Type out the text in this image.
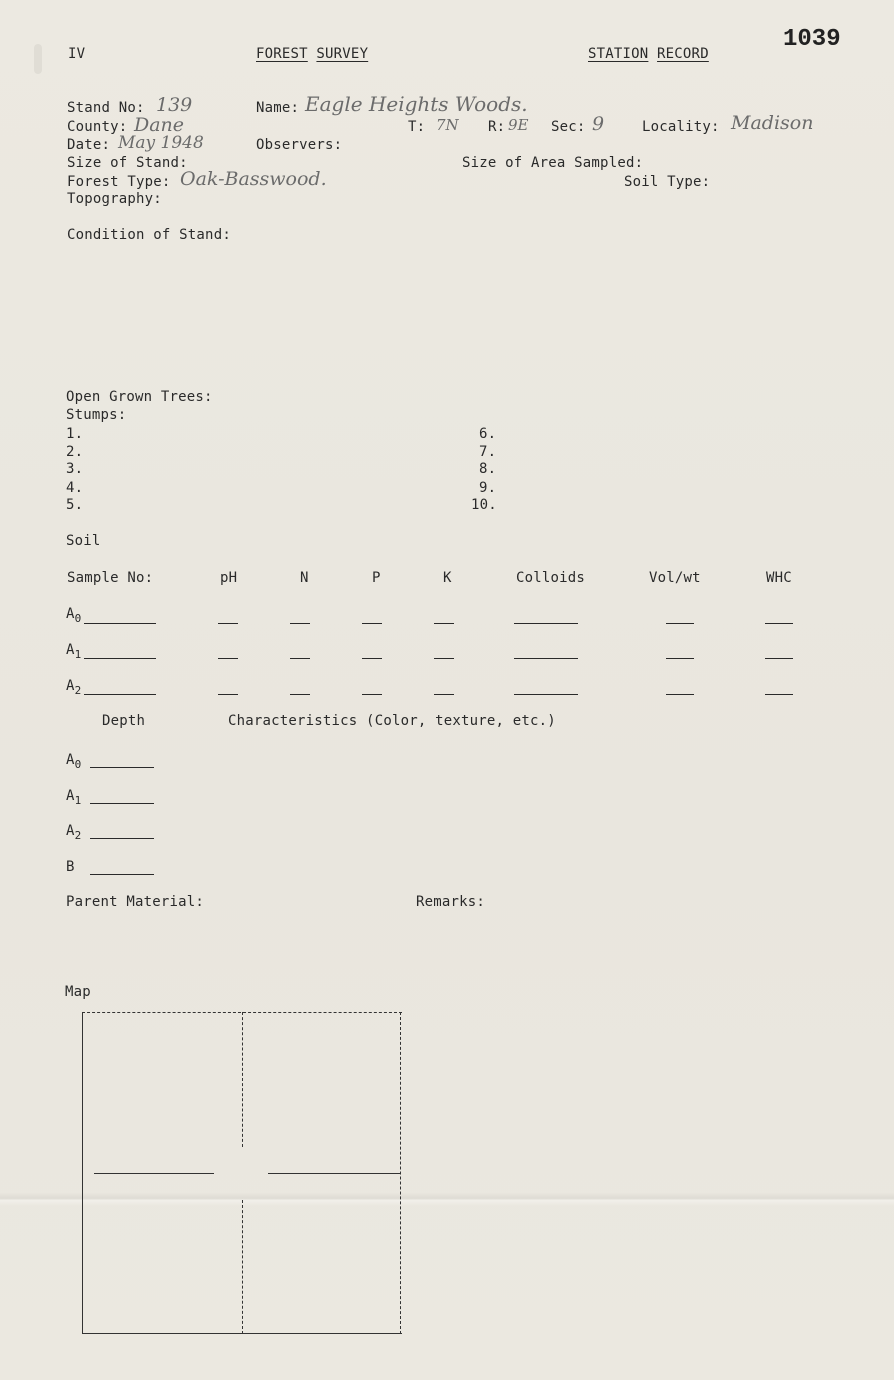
IV	FOREST SURVEY	STATION RECORD
1039
Stand No: 139	Name: Eagle Heights Woods.
County: Dane	T: 7N R: 9E Sec: 9	Locality: Madison
Date: May 1948	Observers:
Size of Stand:	Size of Area Sampled:
Forest Type: Oak-Basswood.	Soil Type:
Topography:
Condition of Stand:
Open Grown Trees:
Stumps:
1.
2.
3.
4.
5.
6.
7.
8.
9.
10.
Soil
Sample No:	pH	N	P	K	Colloids	Vol/wt	WHC
$A_0$
$A_1$
$A_2$
Depth	Characteristics (Color, texture, etc.)
$A_0$
$A_1$
$A_2$
B
Parent Material:	Remarks:
Map
